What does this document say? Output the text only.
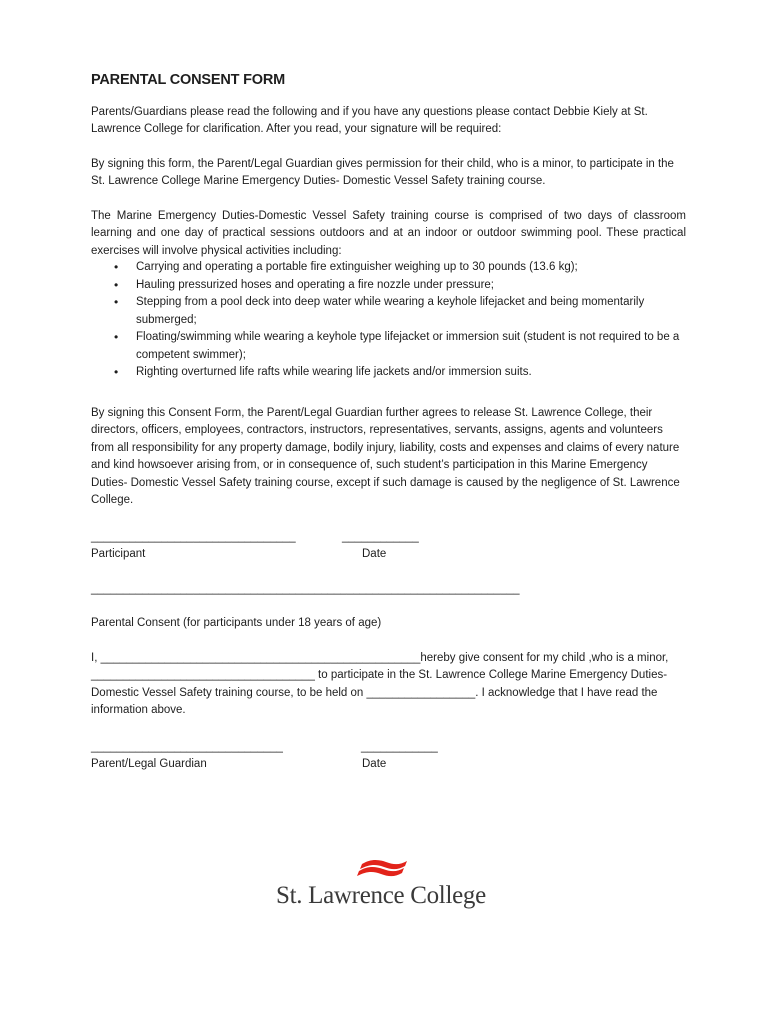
PARENTAL CONSENT FORM

Parents/Guardians please read the following and if you have any questions please contact Debbie Kiely at St. Lawrence College for clarification. After you read, your signature will be required:

By signing this form, the Parent/Legal Guardian gives permission for their child, who is a minor, to participate in the St. Lawrence College Marine Emergency Duties- Domestic Vessel Safety training course.

The Marine Emergency Duties-Domestic Vessel Safety training course is comprised of two days of classroom learning and one day of practical sessions outdoors and at an indoor or outdoor swimming pool. These practical exercises will involve physical activities including:

• Carrying and operating a portable fire extinguisher weighing up to 30 pounds (13.6 kg);
• Hauling pressurized hoses and operating a fire nozzle under pressure;
• Stepping from a pool deck into deep water while wearing a keyhole lifejacket and being momentarily submerged;
• Floating/swimming while wearing a keyhole type lifejacket or immersion suit (student is not required to be a competent swimmer);
• Righting overturned life rafts while wearing life jackets and/or immersion suits.

By signing this Consent Form, the Parent/Legal Guardian further agrees to release St. Lawrence College, their directors, officers, employees, contractors, instructors, representatives, servants, assigns, agents and volunteers from all responsibility for any property damage, bodily injury, liability, costs and expenses and claims of every nature and kind howsoever arising from, or in consequence of, such student’s participation in this Marine Emergency Duties- Domestic Vessel Safety training course, except if such damage is caused by the negligence of St. Lawrence College.

________________________________
Participant
____________
Date
___________________________________________________________________

Parental Consent (for participants under 18 years of age)

I, __________________________________________________hereby give consent for my child ,who is a minor, ___________________________________ to participate in the St. Lawrence College Marine Emergency Duties-Domestic Vessel Safety training course, to be held on _________________. I acknowledge that I have read the information above.

______________________________
Parent/Legal Guardian
____________
Date
St. Lawrence College
